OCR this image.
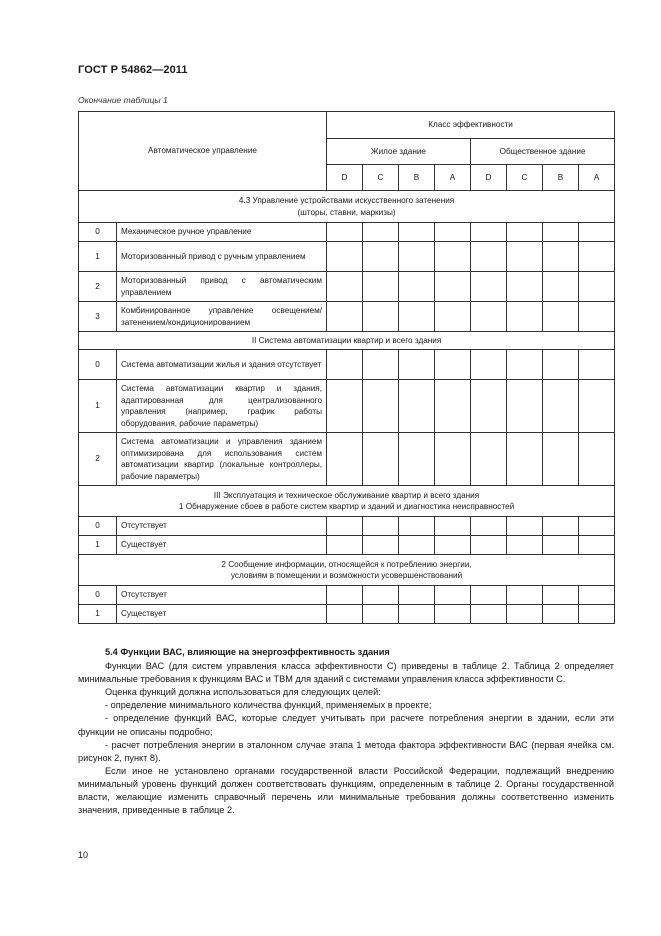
ГОСТ Р 54862—2011
Окончание таблицы 1
Автоматическое управление		Класс эффективности							
		Жилое здание				Общественное здание			
		D	C	B	A	D	C	B	A

4.3 Управление устройствами искусственного затенения
(шторы, ставни, маркизы)									

0	Механическое ручное управление								
1	Моторизованный привод с ручным управлением								
2	Моторизованный привод с автоматическим управлением								
3	Комбинированное управление освещением/затенением/кондиционированием								
II Система автоматизации квартир и всего здания									
0	Система автоматизации жилья и здания отсутствует								
1	Система автоматизации квартир и здания, адаптированная для централизованного управления (например, график работы оборудования, рабочие параметры)								
2	Система автоматизации и управления зданием оптимизирована для использования систем автоматизации квартир (локальные контроллеры, рабочие параметры)								

III Эксплуатация и техническое обслуживание квартир и всего здания
1 Обнаружение сбоев в работе систем квартир и зданий и диагностика неисправностей									

0	Отсутствует								
1	Существует								

2 Сообщение информации, относящейся к потреблению энергии,
условиям в помещении и возможности усовершенствований									

0	Отсутствует								
1	Существует								
5.4 Функции ВАС, влияющие на энергоэффективность здания

Функции ВАС (для систем управления класса эффективности С) приведены в таблице 2. Таблица 2 определяет минимальные требования к функциям ВАС и ТВМ для зданий с системами управления класса эффективности С.

Оценка функций должна использоваться для следующих целей:

- определение минимального количества функций, применяемых в проекте;

- определение функций ВАС, которые следует учитывать при расчете потребления энергии в здании, если эти функции не описаны подробно;

- расчет потребления энергии в эталонном случае этапа 1 метода фактора эффективности ВАС (первая ячейка см. рисунок 2, пункт 8).

Если иное не установлено органами государственной власти Российской Федерации, подлежащий внедрению минимальный уровень функций должен соответствовать функциям, определенным в таблице 2. Органы государственной власти, желающие изменить справочный перечень или минимальные требования должны соответственно изменить значения, приведенные в таблице 2.

10
